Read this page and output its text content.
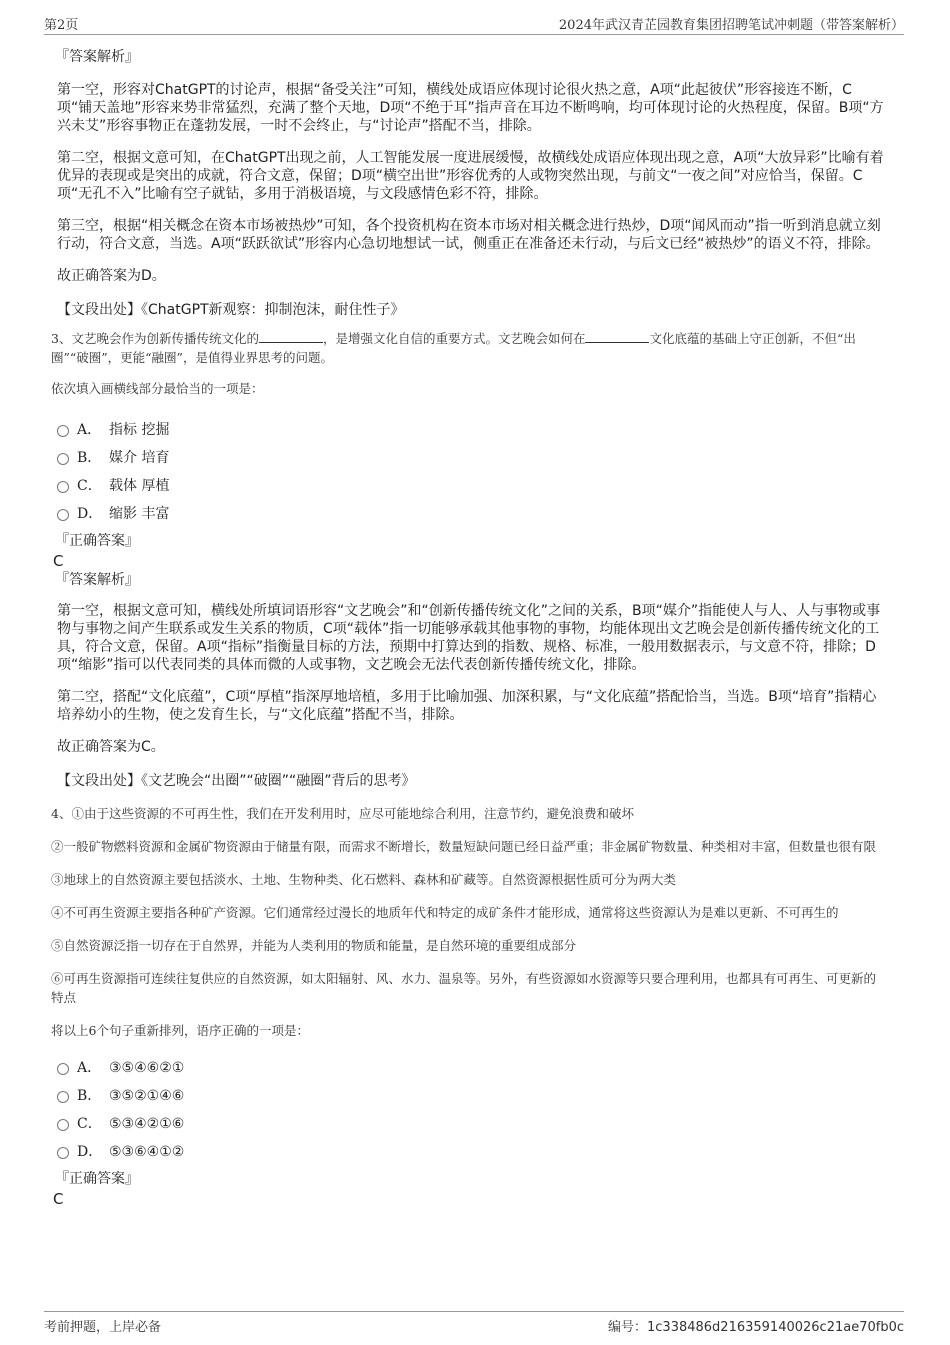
第2页	2024年武汉青芷园教育集团招聘笔试冲刺题（带答案解析）

『答案解析』

第一空，形容对ChatGPT的讨论声，根据“备受关注”可知，横线处成语应体现讨论很火热之意，A项“此起彼伏”形容接连不断，C项“铺天盖地”形容来势非常猛烈，充满了整个天地，D项“不绝于耳”指声音在耳边不断鸣响，均可体现讨论的火热程度，保留。B项“方兴未艾”形容事物正在蓬勃发展，一时不会终止，与“讨论声”搭配不当，排除。

第二空，根据文意可知，在ChatGPT出现之前，人工智能发展一度进展缓慢，故横线处成语应体现出现之意，A项“大放异彩”比喻有着优异的表现或是突出的成就，符合文意，保留；D项“横空出世”形容优秀的人或物突然出现，与前文“一夜之间”对应恰当，保留。C项“无孔不入”比喻有空子就钻，多用于消极语境，与文段感情色彩不符，排除。

第三空，根据“相关概念在资本市场被热炒”可知，各个投资机构在资本市场对相关概念进行热炒，D项“闻风而动”指一听到消息就立刻行动，符合文意，当选。A项“跃跃欲试”形容内心急切地想试一试，侧重正在准备还未行动，与后文已经“被热炒”的语义不符，排除。

故正确答案为D。

【文段出处】《ChatGPT新观察：抑制泡沫，耐住性子》

3、文艺晚会作为创新传播传统文化的	，是增强文化自信的重要方式。文艺晚会如何在	文化底蕴的基础上守正创新，不但“出圈”“破圈”，更能“融圈”，是值得业界思考的问题。

依次填入画横线部分最恰当的一项是：

A． 指标 挖掘
B． 媒介 培育
C． 载体 厚植
D． 缩影 丰富

『正确答案』

C

『答案解析』

第一空，根据文意可知，横线处所填词语形容“文艺晚会”和“创新传播传统文化”之间的关系，B项“媒介”指能使人与人、人与事物或事物与事物之间产生联系或发生关系的物质，C项“载体”指一切能够承载其他事物的事物，均能体现出文艺晚会是创新传播传统文化的工具，符合文意，保留。A项“指标”指衡量目标的方法，预期中打算达到的指数、规格、标准，一般用数据表示，与文意不符，排除；D项“缩影”指可以代表同类的具体而微的人或事物，文艺晚会无法代表创新传播传统文化，排除。

第二空，搭配“文化底蕴”，C项“厚植”指深厚地培植，多用于比喻加强、加深积累，与“文化底蕴”搭配恰当，当选。B项“培育”指精心培养幼小的生物，使之发育生长，与“文化底蕴”搭配不当，排除。

故正确答案为C。

【文段出处】《文艺晚会“出圈”“破圈”“融圈”背后的思考》

4、①由于这些资源的不可再生性，我们在开发利用时，应尽可能地综合利用，注意节约，避免浪费和破坏

②一般矿物燃料资源和金属矿物资源由于储量有限，而需求不断增长，数量短缺问题已经日益严重；非金属矿物数量、种类相对丰富，但数量也很有限

③地球上的自然资源主要包括淡水、土地、生物种类、化石燃料、森林和矿藏等。自然资源根据性质可分为两大类

④不可再生资源主要指各种矿产资源。它们通常经过漫长的地质年代和特定的成矿条件才能形成，通常将这些资源认为是难以更新、不可再生的

⑤自然资源泛指一切存在于自然界，并能为人类利用的物质和能量，是自然环境的重要组成部分

⑥可再生资源指可连续往复供应的自然资源，如太阳辐射、风、水力、温泉等。另外，有些资源如水资源等只要合理利用，也都具有可再生、可更新的特点

将以上6个句子重新排列，语序正确的一项是：

A． ③⑤④⑥②①
B． ③⑤②①④⑥
C． ⑤③④②①⑥
D． ⑤③⑥④①②

『正确答案』

C

考前押题，上岸必备	编号：1c338486d216359140026c21ae70fb0c
